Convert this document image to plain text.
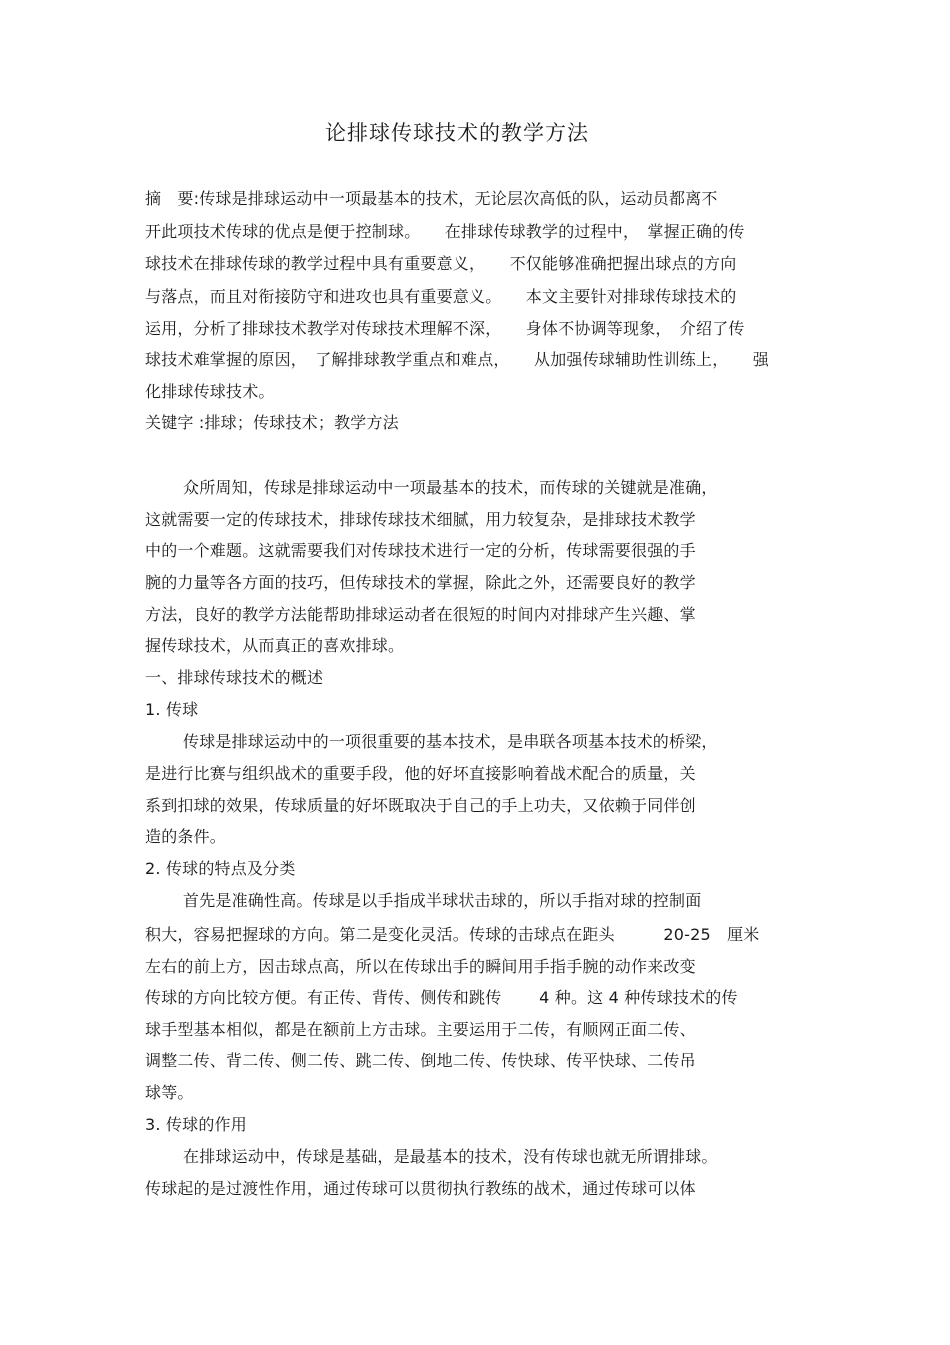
论排球传球技术的教学方法
摘　要:传球是排球运动中一项最基本的技术，无论层次高低的队，运动员都离不
开此项技术传球的优点是便于控制球。　　在排球传球教学的过程中，　掌握正确的传
球技术在排球传球的教学过程中具有重要意义，　　不仅能够准确把握出球点的方向
与落点，而且对衔接防守和进攻也具有重要意义。　　本文主要针对排球传球技术的
运用，分析了排球技术教学对传球技术理解不深，　　身体不协调等现象，　介绍了传
球技术难掌握的原因，　了解排球教学重点和难点，　　从加强传球辅助性训练上，　　强
化排球传球技术。
关键字 :排球；传球技术；教学方法
众所周知，传球是排球运动中一项最基本的技术，而传球的关键就是准确，
这就需要一定的传球技术，排球传球技术细腻，用力较复杂，是排球技术教学
中的一个难题。这就需要我们对传球技术进行一定的分析，传球需要很强的手
腕的力量等各方面的技巧，但传球技术的掌握，除此之外，还需要良好的教学
方法，良好的教学方法能帮助排球运动者在很短的时间内对排球产生兴趣、掌
握传球技术，从而真正的喜欢排球。
一、排球传球技术的概述
1. 传球
传球是排球运动中的一项很重要的基本技术，是串联各项基本技术的桥梁，
是进行比赛与组织战术的重要手段，他的好坏直接影响着战术配合的质量，关
系到扣球的效果，传球质量的好坏既取决于自己的手上功夫，又依赖于同伴创
造的条件。
2. 传球的特点及分类
首先是准确性高。传球是以手指成半球状击球的，所以手指对球的控制面
积大，容易把握球的方向。第二是变化灵活。传球的击球点在距头　　　20-25　厘米
左右的前上方，因击球点高，所以在传球出手的瞬间用手指手腕的动作来改变
传球的方向比较方便。有正传、背传、侧传和跳传　　 4 种。这 4 种传球技术的传
球手型基本相似，都是在额前上方击球。主要运用于二传，有顺网正面二传、
调整二传、背二传、侧二传、跳二传、倒地二传、传快球、传平快球、二传吊
球等。
3. 传球的作用
在排球运动中，传球是基础，是最基本的技术，没有传球也就无所谓排球。
传球起的是过渡性作用，通过传球可以贯彻执行教练的战术，通过传球可以体
